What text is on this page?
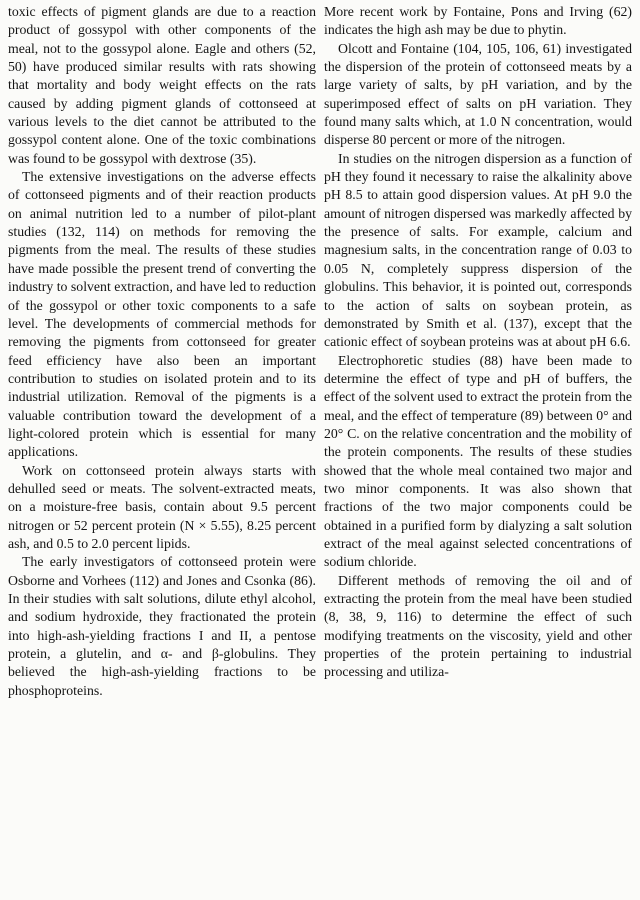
toxic effects of pigment glands are due to a reaction product of gossypol with other components of the meal, not to the gossypol alone. Eagle and others (52, 50) have produced similar results with rats showing that mortality and body weight effects on the rats caused by adding pigment glands of cottonseed at various levels to the diet cannot be attributed to the gossypol content alone. One of the toxic combinations was found to be gossypol with dextrose (35).

The extensive investigations on the adverse effects of cottonseed pigments and of their reaction products on animal nutrition led to a number of pilot-plant studies (132, 114) on methods for removing the pigments from the meal. The results of these studies have made possible the present trend of converting the industry to solvent extraction, and have led to reduction of the gossypol or other toxic components to a safe level. The developments of commercial methods for removing the pigments from cottonseed for greater feed efficiency have also been an important contribution to studies on isolated protein and to its industrial utilization. Removal of the pigments is a valuable contribution toward the development of a light-colored protein which is essential for many applications.

Work on cottonseed protein always starts with dehulled seed or meats. The solvent-extracted meats, on a moisture-free basis, contain about 9.5 percent nitrogen or 52 percent protein (N × 5.55), 8.25 percent ash, and 0.5 to 2.0 percent lipids.

The early investigators of cottonseed protein were Osborne and Vorhees (112) and Jones and Csonka (86). In their studies with salt solutions, dilute ethyl alcohol, and sodium hydroxide, they fractionated the protein into high-ash-yielding fractions I and II, a pentose protein, a glutelin, and α- and β-globulins. They believed the high-ash-yielding fractions to be phosphoproteins.

More recent work by Fontaine, Pons and Irving (62) indicates the high ash may be due to phytin.

Olcott and Fontaine (104, 105, 106, 61) investigated the dispersion of the protein of cottonseed meats by a large variety of salts, by pH variation, and by the superimposed effect of salts on pH variation. They found many salts which, at 1.0 N concentration, would disperse 80 percent or more of the nitrogen.

In studies on the nitrogen dispersion as a function of pH they found it necessary to raise the alkalinity above pH 8.5 to attain good dispersion values. At pH 9.0 the amount of nitrogen dispersed was markedly affected by the presence of salts. For example, calcium and magnesium salts, in the concentration range of 0.03 to 0.05 N, completely suppress dispersion of the globulins. This behavior, it is pointed out, corresponds to the action of salts on soybean protein, as demonstrated by Smith et al. (137), except that the cationic effect of soybean proteins was at about pH 6.6.

Electrophoretic studies (88) have been made to determine the effect of type and pH of buffers, the effect of the solvent used to extract the protein from the meal, and the effect of temperature (89) between 0° and 20° C. on the relative concentration and the mobility of the protein components. The results of these studies showed that the whole meal contained two major and two minor components. It was also shown that fractions of the two major components could be obtained in a purified form by dialyzing a salt solution extract of the meal against selected concentrations of sodium chloride.

Different methods of removing the oil and of extracting the protein from the meal have been studied (8, 38, 9, 116) to determine the effect of such modifying treatments on the viscosity, yield and other properties of the protein pertaining to industrial processing and utiliza-
